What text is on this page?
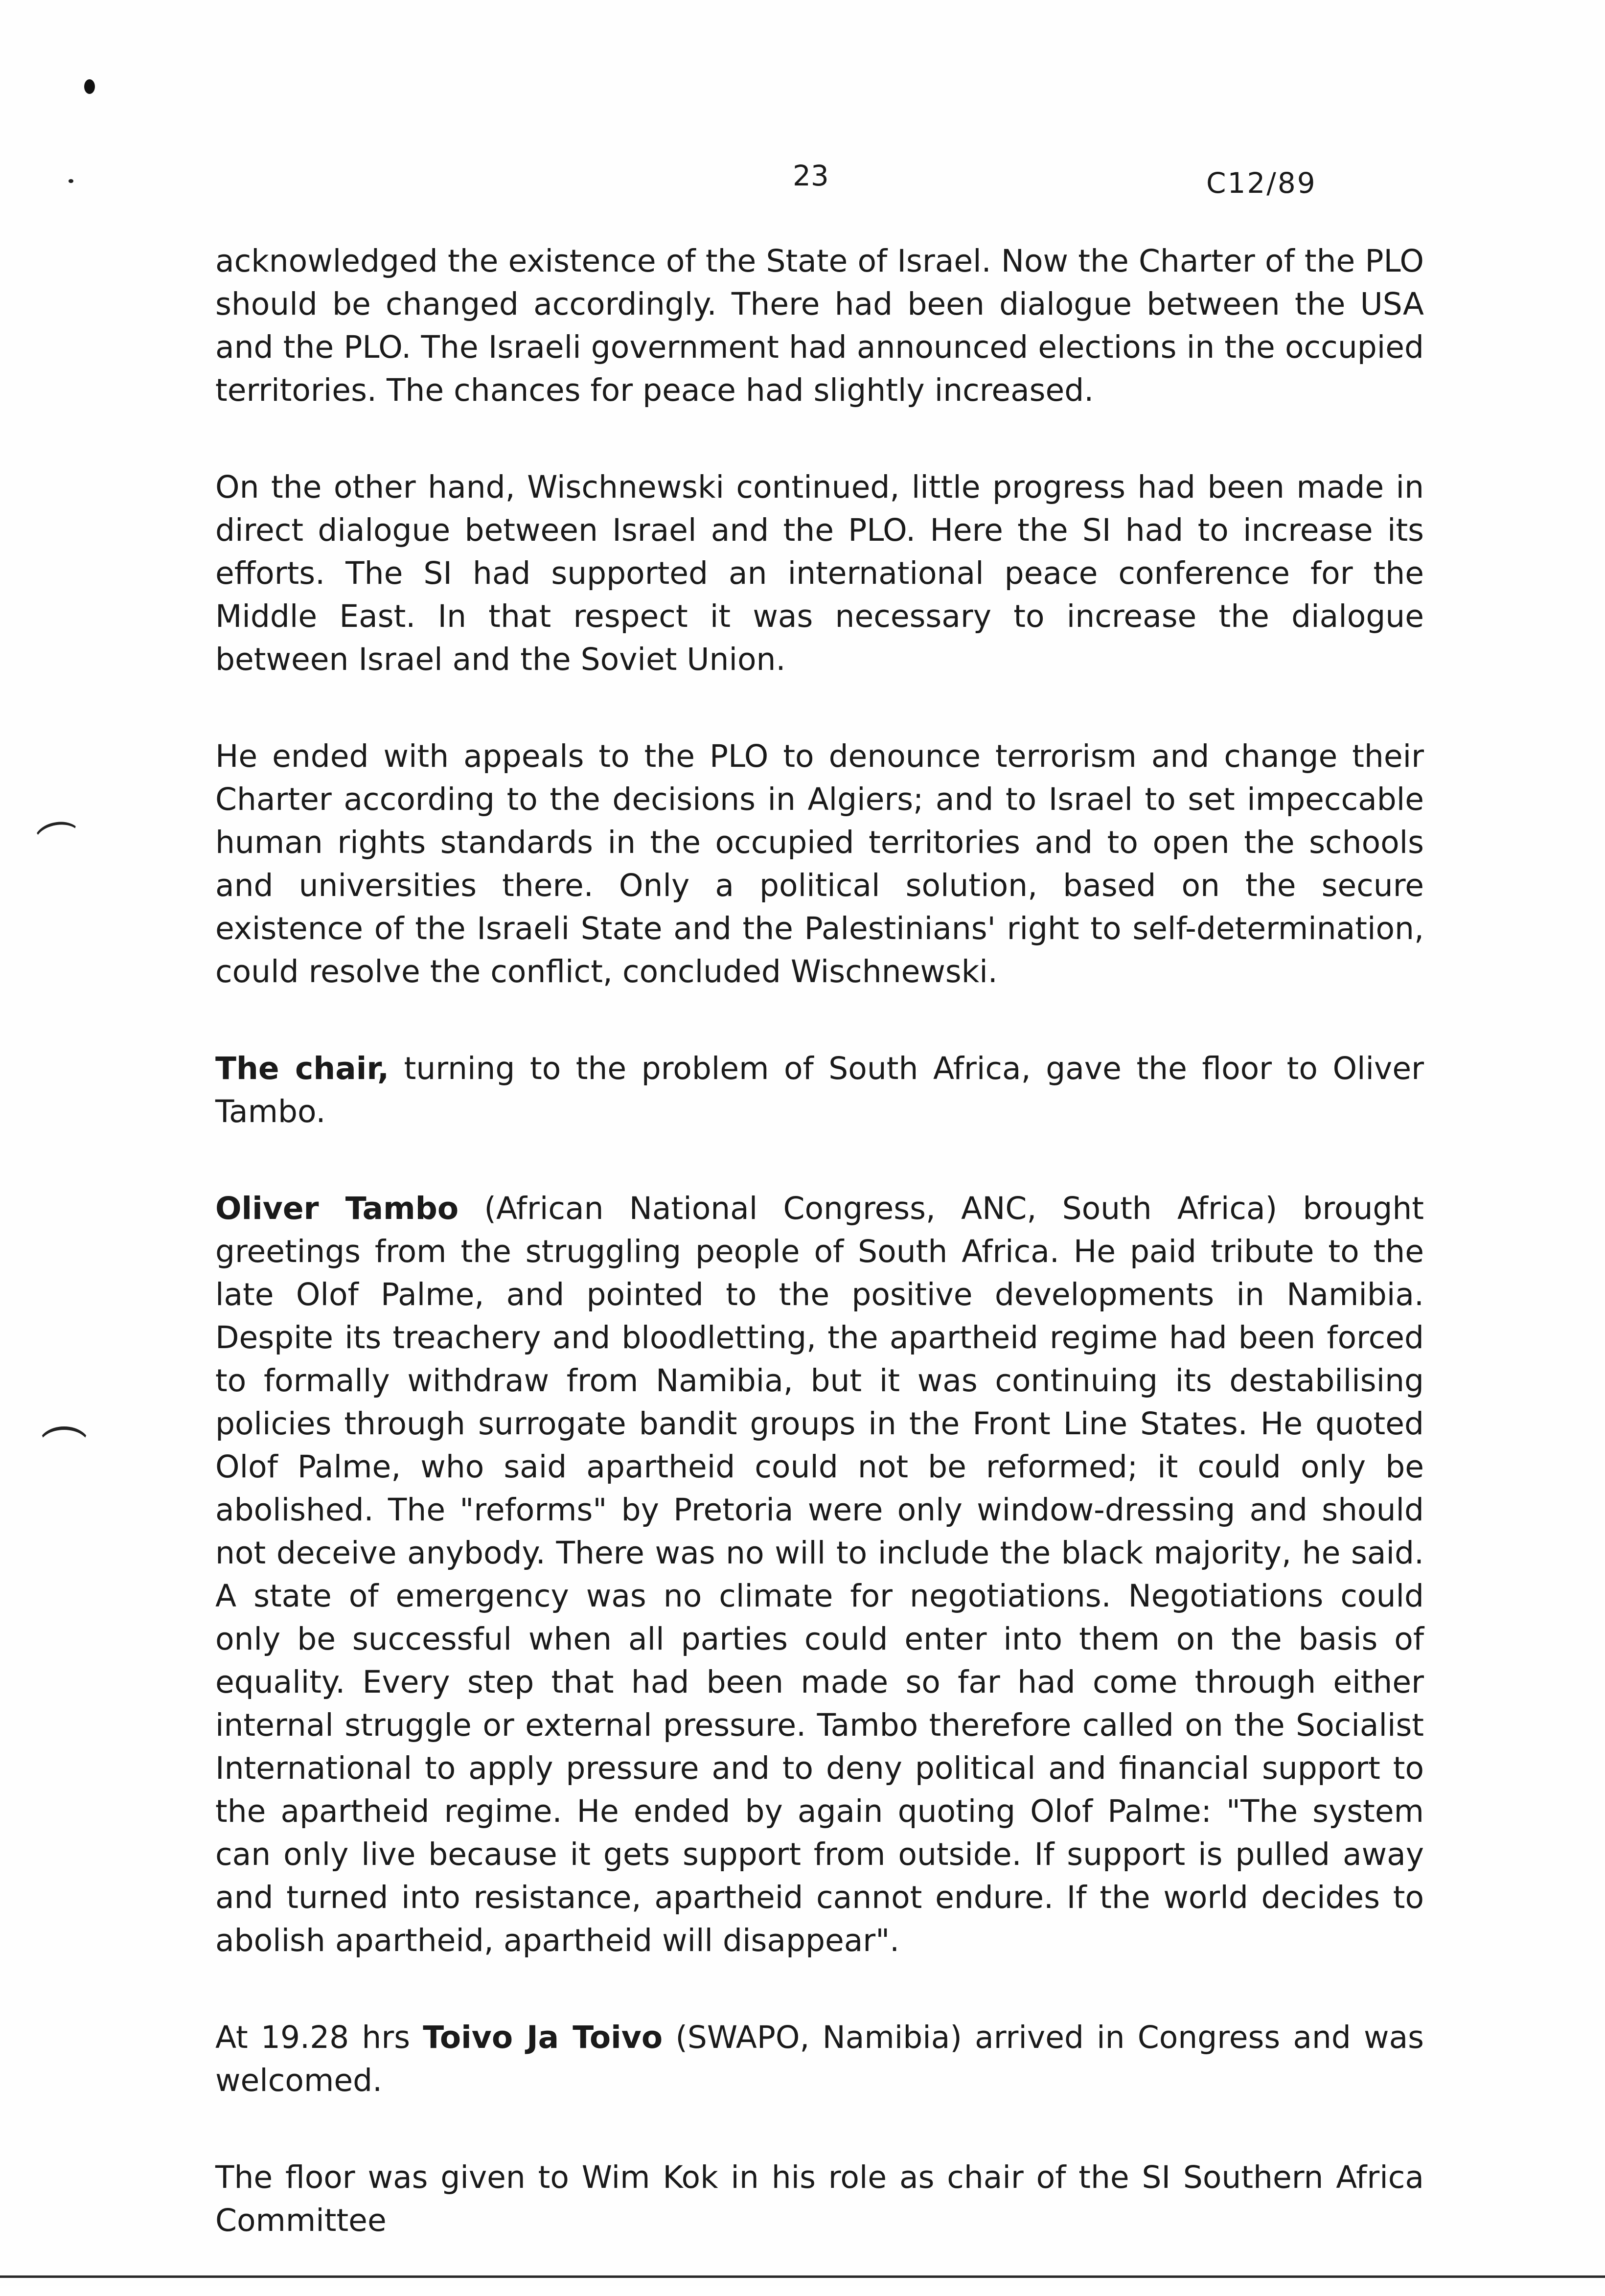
23	C12/89

acknowledged the existence of the State of Israel. Now the Charter of the PLO should be changed accordingly. There had been dialogue between the USA and the PLO. The Israeli government had announced elections in the occupied territories. The chances for peace had slightly increased.

On the other hand, Wischnewski continued, little progress had been made in direct dialogue between Israel and the PLO. Here the SI had to increase its efforts. The SI had supported an international peace conference for the Middle East. In that respect it was necessary to increase the dialogue between Israel and the Soviet Union.

He ended with appeals to the PLO to denounce terrorism and change their Charter according to the decisions in Algiers; and to Israel to set impeccable human rights standards in the occupied territories and to open the schools and universities there. Only a political solution, based on the secure existence of the Israeli State and the Palestinians' right to self-determination, could resolve the conflict, concluded Wischnewski.

The chair, turning to the problem of South Africa, gave the floor to Oliver Tambo.

Oliver Tambo (African National Congress, ANC, South Africa) brought greetings from the struggling people of South Africa. He paid tribute to the late Olof Palme, and pointed to the positive developments in Namibia. Despite its treachery and bloodletting, the apartheid regime had been forced to formally withdraw from Namibia, but it was continuing its destabilising policies through surrogate bandit groups in the Front Line States. He quoted Olof Palme, who said apartheid could not be reformed; it could only be abolished. The "reforms" by Pretoria were only window-dressing and should not deceive anybody. There was no will to include the black majority, he said. A state of emergency was no climate for negotiations. Negotiations could only be successful when all parties could enter into them on the basis of equality. Every step that had been made so far had come through either internal struggle or external pressure. Tambo therefore called on the Socialist International to apply pressure and to deny political and financial support to the apartheid regime. He ended by again quoting Olof Palme: "The system can only live because it gets support from outside. If support is pulled away and turned into resistance, apartheid cannot endure. If the world decides to abolish apartheid, apartheid will disappear".

At 19.28 hrs Toivo Ja Toivo (SWAPO, Namibia) arrived in Congress and was welcomed.

The floor was given to Wim Kok in his role as chair of the SI Southern Africa Committee
